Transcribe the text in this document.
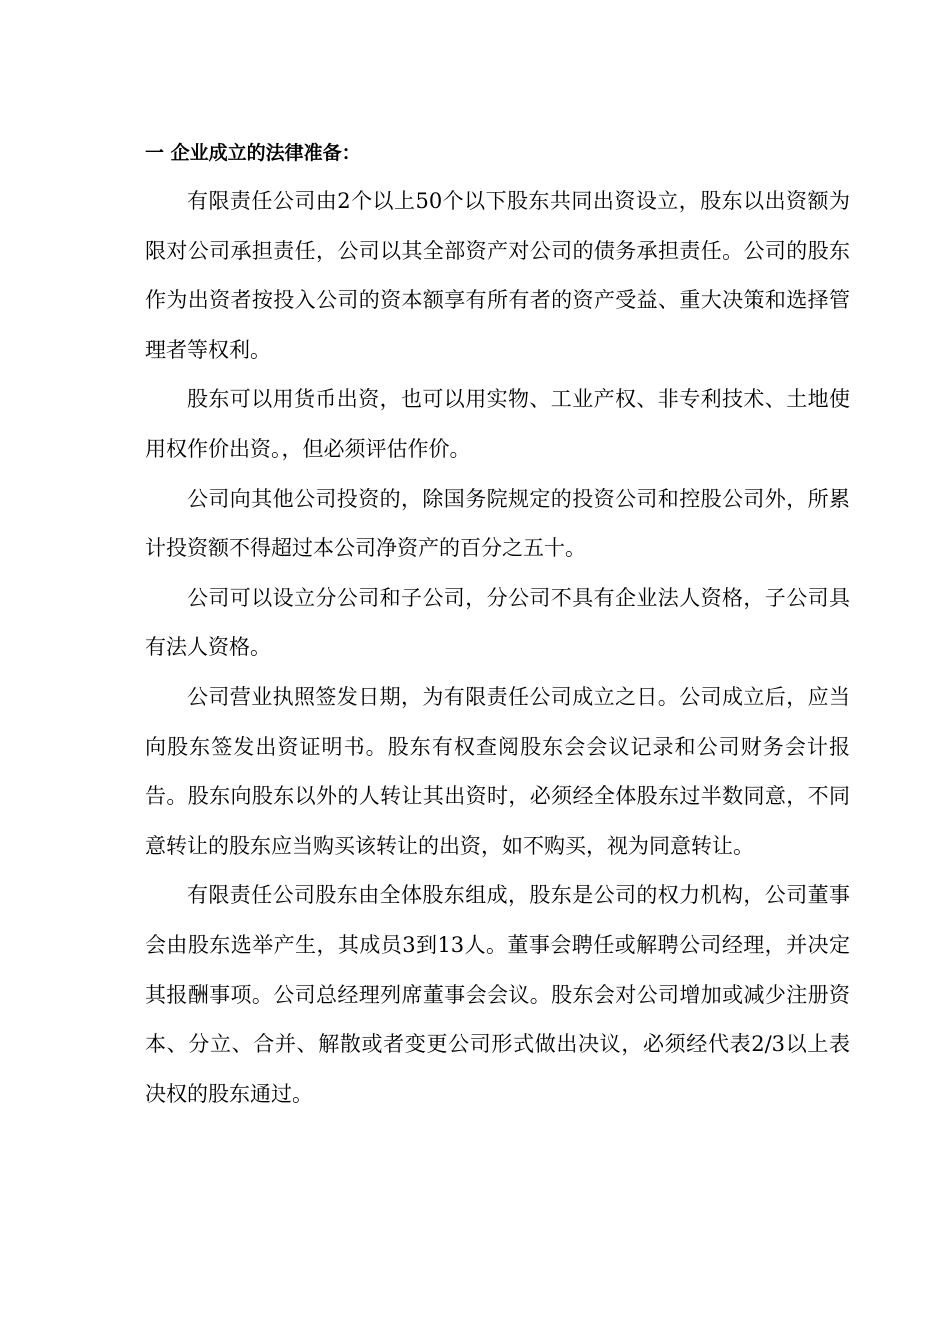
一 企业成立的法律准备：

有限责任公司由2个以上50个以下股东共同出资设立，股东以出资额为限对公司承担责任，公司以其全部资产对公司的债务承担责任。公司的股东作为出资者按投入公司的资本额享有所有者的资产受益、重大决策和选择管理者等权利。

股东可以用货币出资，也可以用实物、工业产权、非专利技术、土地使用权作价出资。，但必须评估作价。

公司向其他公司投资的，除国务院规定的投资公司和控股公司外，所累计投资额不得超过本公司净资产的百分之五十。

公司可以设立分公司和子公司，分公司不具有企业法人资格，子公司具有法人资格。

公司营业执照签发日期，为有限责任公司成立之日。公司成立后，应当向股东签发出资证明书。股东有权查阅股东会会议记录和公司财务会计报告。股东向股东以外的人转让其出资时，必须经全体股东过半数同意，不同意转让的股东应当购买该转让的出资，如不购买，视为同意转让。

有限责任公司股东由全体股东组成，股东是公司的权力机构，公司董事会由股东选举产生，其成员3到13人。董事会聘任或解聘公司经理，并决定其报酬事项。公司总经理列席董事会会议。股东会对公司增加或减少注册资本、分立、合并、解散或者变更公司形式做出决议，必须经代表2/3以上表决权的股东通过。
